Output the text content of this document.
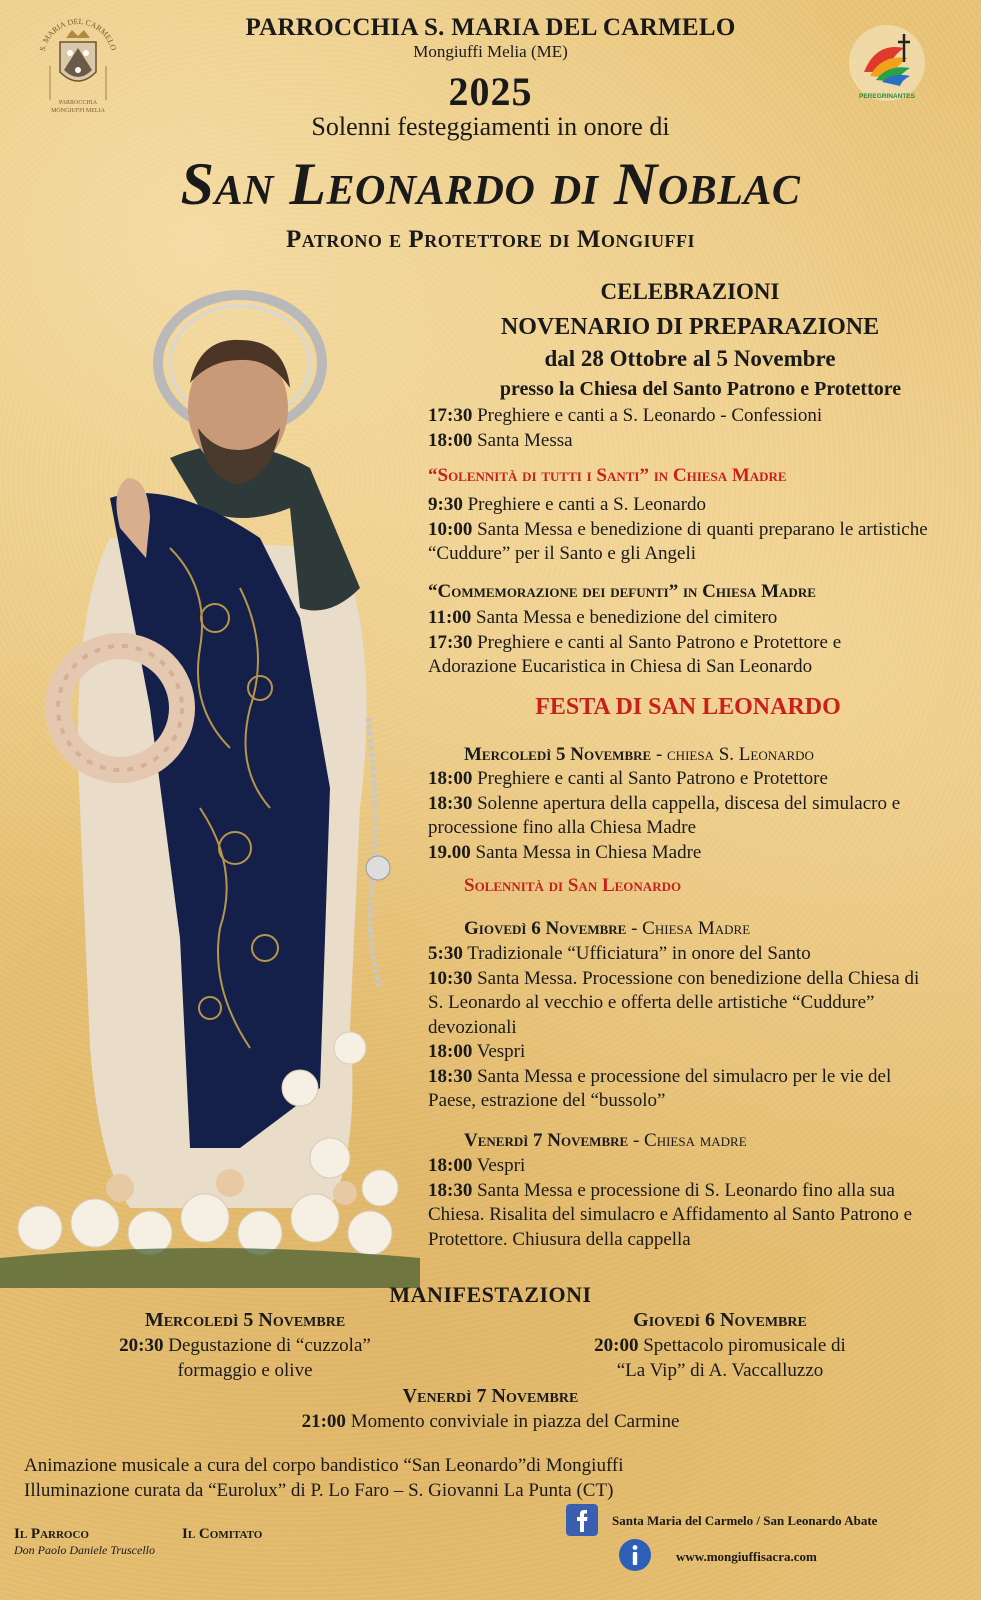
PARROCCHIA S. MARIA DEL CARMELO
Mongiuffi Melia (ME)
2025
Solenni festeggiamenti in onore di
San Leonardo di Noblac
Patrono e Protettore di Mongiuffi
S. MARIA DEL CARMELO
PARROCCHIA
MONGIUFFI MELIA
PEREGRINANTES
CELEBRAZIONI
NOVENARIO DI PREPARAZIONE
dal 28 Ottobre al 5 Novembre
presso la Chiesa del Santo Patrono e Protettore
17:30 Preghiere e canti a S. Leonardo - Confessioni
18:00 Santa Messa
“Solennità di tutti i Santi” in Chiesa Madre
9:30 Preghiere e canti a S. Leonardo
10:00 Santa Messa e benedizione di quanti preparano le artistiche “Cuddure” per il Santo e gli Angeli
“Commemorazione dei defunti” in Chiesa Madre
11:00 Santa Messa e benedizione del cimitero
17:30 Preghiere e canti al Santo Patrono e Protettore e Adorazione Eucaristica in Chiesa di San Leonardo
FESTA DI SAN LEONARDO
Mercoledì 5 Novembre - chiesa S. Leonardo
18:00 Preghiere e canti al Santo Patrono e Protettore
18:30 Solenne apertura della cappella, discesa del simulacro e processione fino alla Chiesa Madre
19.00 Santa Messa in Chiesa Madre
Solennità di San Leonardo
Giovedì 6 Novembre - Chiesa Madre
5:30 Tradizionale “Ufficiatura” in onore del Santo
10:30 Santa Messa. Processione con benedizione della Chiesa di S. Leonardo al vecchio e offerta delle artistiche “Cuddure” devozionali
18:00 Vespri
18:30 Santa Messa e processione del simulacro per le vie del Paese, estrazione del “bussolo”
Venerdì 7 Novembre - Chiesa madre
18:00 Vespri
18:30 Santa Messa e processione di S. Leonardo fino alla sua Chiesa. Risalita del simulacro e Affidamento al Santo Patrono e Protettore. Chiusura della cappella
MANIFESTAZIONI
Mercoledì 5 Novembre
20:30 Degustazione di “cuzzola”
formaggio e olive
Giovedì 6 Novembre
20:00 Spettacolo piromusicale di
“La Vip” di A. Vaccalluzzo
Venerdì 7 Novembre
21:00 Momento conviviale in piazza del Carmine
Animazione musicale a cura del corpo bandistico “San Leonardo”di Mongiuffi
Illuminazione curata da “Eurolux” di P. Lo Faro – S. Giovanni La Punta (CT)
Il Parroco
Don Paolo Daniele Truscello
Il Comitato
Santa Maria del Carmelo / San Leonardo Abate
www.mongiuffisacra.com
